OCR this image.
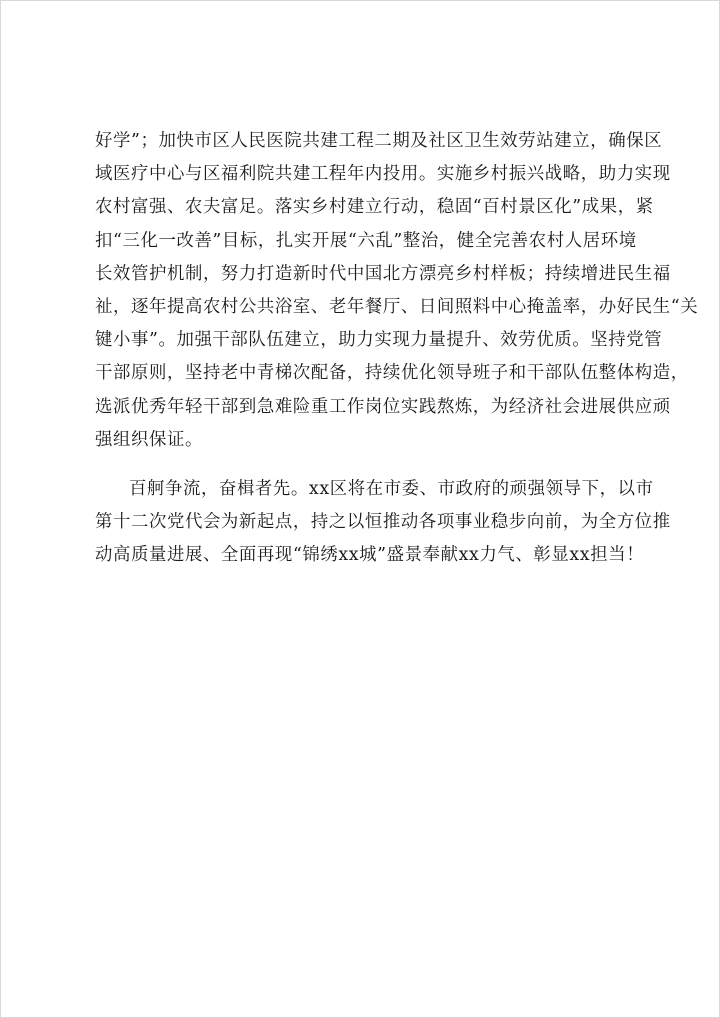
好学”；加快市区人民医院共建工程二期及社区卫生效劳站建立，确保区
域医疗中心与区福利院共建工程年内投用。实施乡村振兴战略，助力实现
农村富强、农夫富足。落实乡村建立行动，稳固“百村景区化”成果，紧
扣“三化一改善”目标，扎实开展“六乱”整治，健全完善农村人居环境
长效管护机制，努力打造新时代中国北方漂亮乡村样板；持续增进民生福
祉，逐年提高农村公共浴室、老年餐厅、日间照料中心掩盖率，办好民生“关
键小事”。加强干部队伍建立，助力实现力量提升、效劳优质。坚持党管
干部原则，坚持老中青梯次配备，持续优化领导班子和干部队伍整体构造，
选派优秀年轻干部到急难险重工作岗位实践熬炼，为经济社会进展供应顽
强组织保证。
百舸争流，奋楫者先。xx区将在市委、市政府的顽强领导下，以市
第十二次党代会为新起点，持之以恒推动各项事业稳步向前，为全方位推
动高质量进展、全面再现“锦绣xx城”盛景奉献xx力气、彰显xx担当！
